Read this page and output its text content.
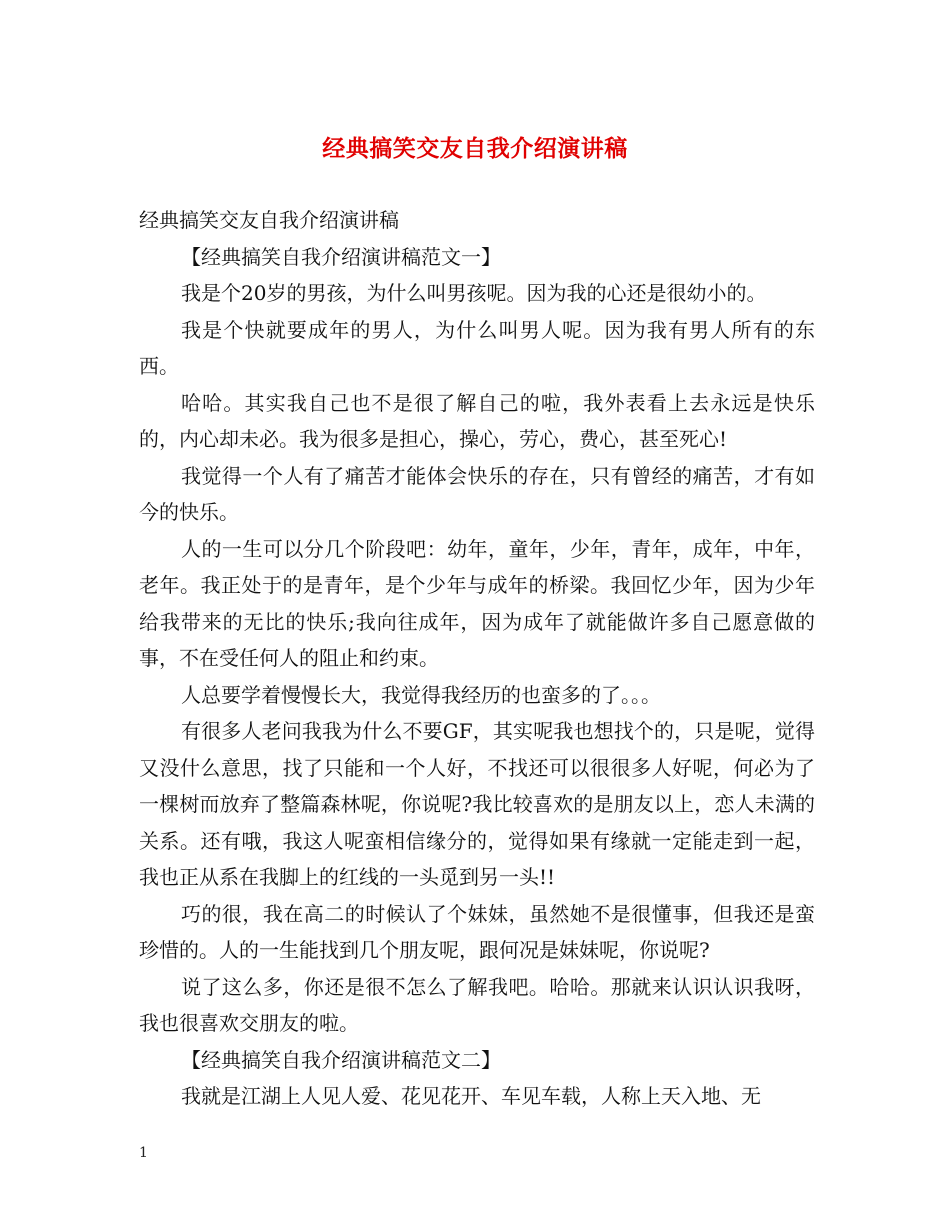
经典搞笑交友自我介绍演讲稿

经典搞笑交友自我介绍演讲稿

【经典搞笑自我介绍演讲稿范文一】

我是个20岁的男孩，为什么叫男孩呢。因为我的心还是很幼小的。

我是个快就要成年的男人，为什么叫男人呢。因为我有男人所有的东西。

哈哈。其实我自己也不是很了解自己的啦，我外表看上去永远是快乐的，内心却未必。我为很多是担心，操心，劳心，费心，甚至死心!

我觉得一个人有了痛苦才能体会快乐的存在，只有曾经的痛苦，才有如今的快乐。

人的一生可以分几个阶段吧：幼年，童年，少年，青年，成年，中年，老年。我正处于的是青年，是个少年与成年的桥梁。我回忆少年，因为少年给我带来的无比的快乐;我向往成年，因为成年了就能做许多自己愿意做的事，不在受任何人的阻止和约束。

人总要学着慢慢长大，我觉得我经历的也蛮多的了。。。

有很多人老问我我为什么不要GF，其实呢我也想找个的，只是呢，觉得又没什么意思，找了只能和一个人好，不找还可以很很多人好呢，何必为了一棵树而放弃了整篇森林呢，你说呢?我比较喜欢的是朋友以上，恋人未满的关系。还有哦，我这人呢蛮相信缘分的，觉得如果有缘就一定能走到一起，我也正从系在我脚上的红线的一头觅到另一头!!

巧的很，我在高二的时候认了个妹妹，虽然她不是很懂事，但我还是蛮珍惜的。人的一生能找到几个朋友呢，跟何况是妹妹呢，你说呢?

说了这么多，你还是很不怎么了解我吧。哈哈。那就来认识认识我呀，我也很喜欢交朋友的啦。

【经典搞笑自我介绍演讲稿范文二】

我就是江湖上人见人爱、花见花开、车见车载，人称上天入地、无

1
